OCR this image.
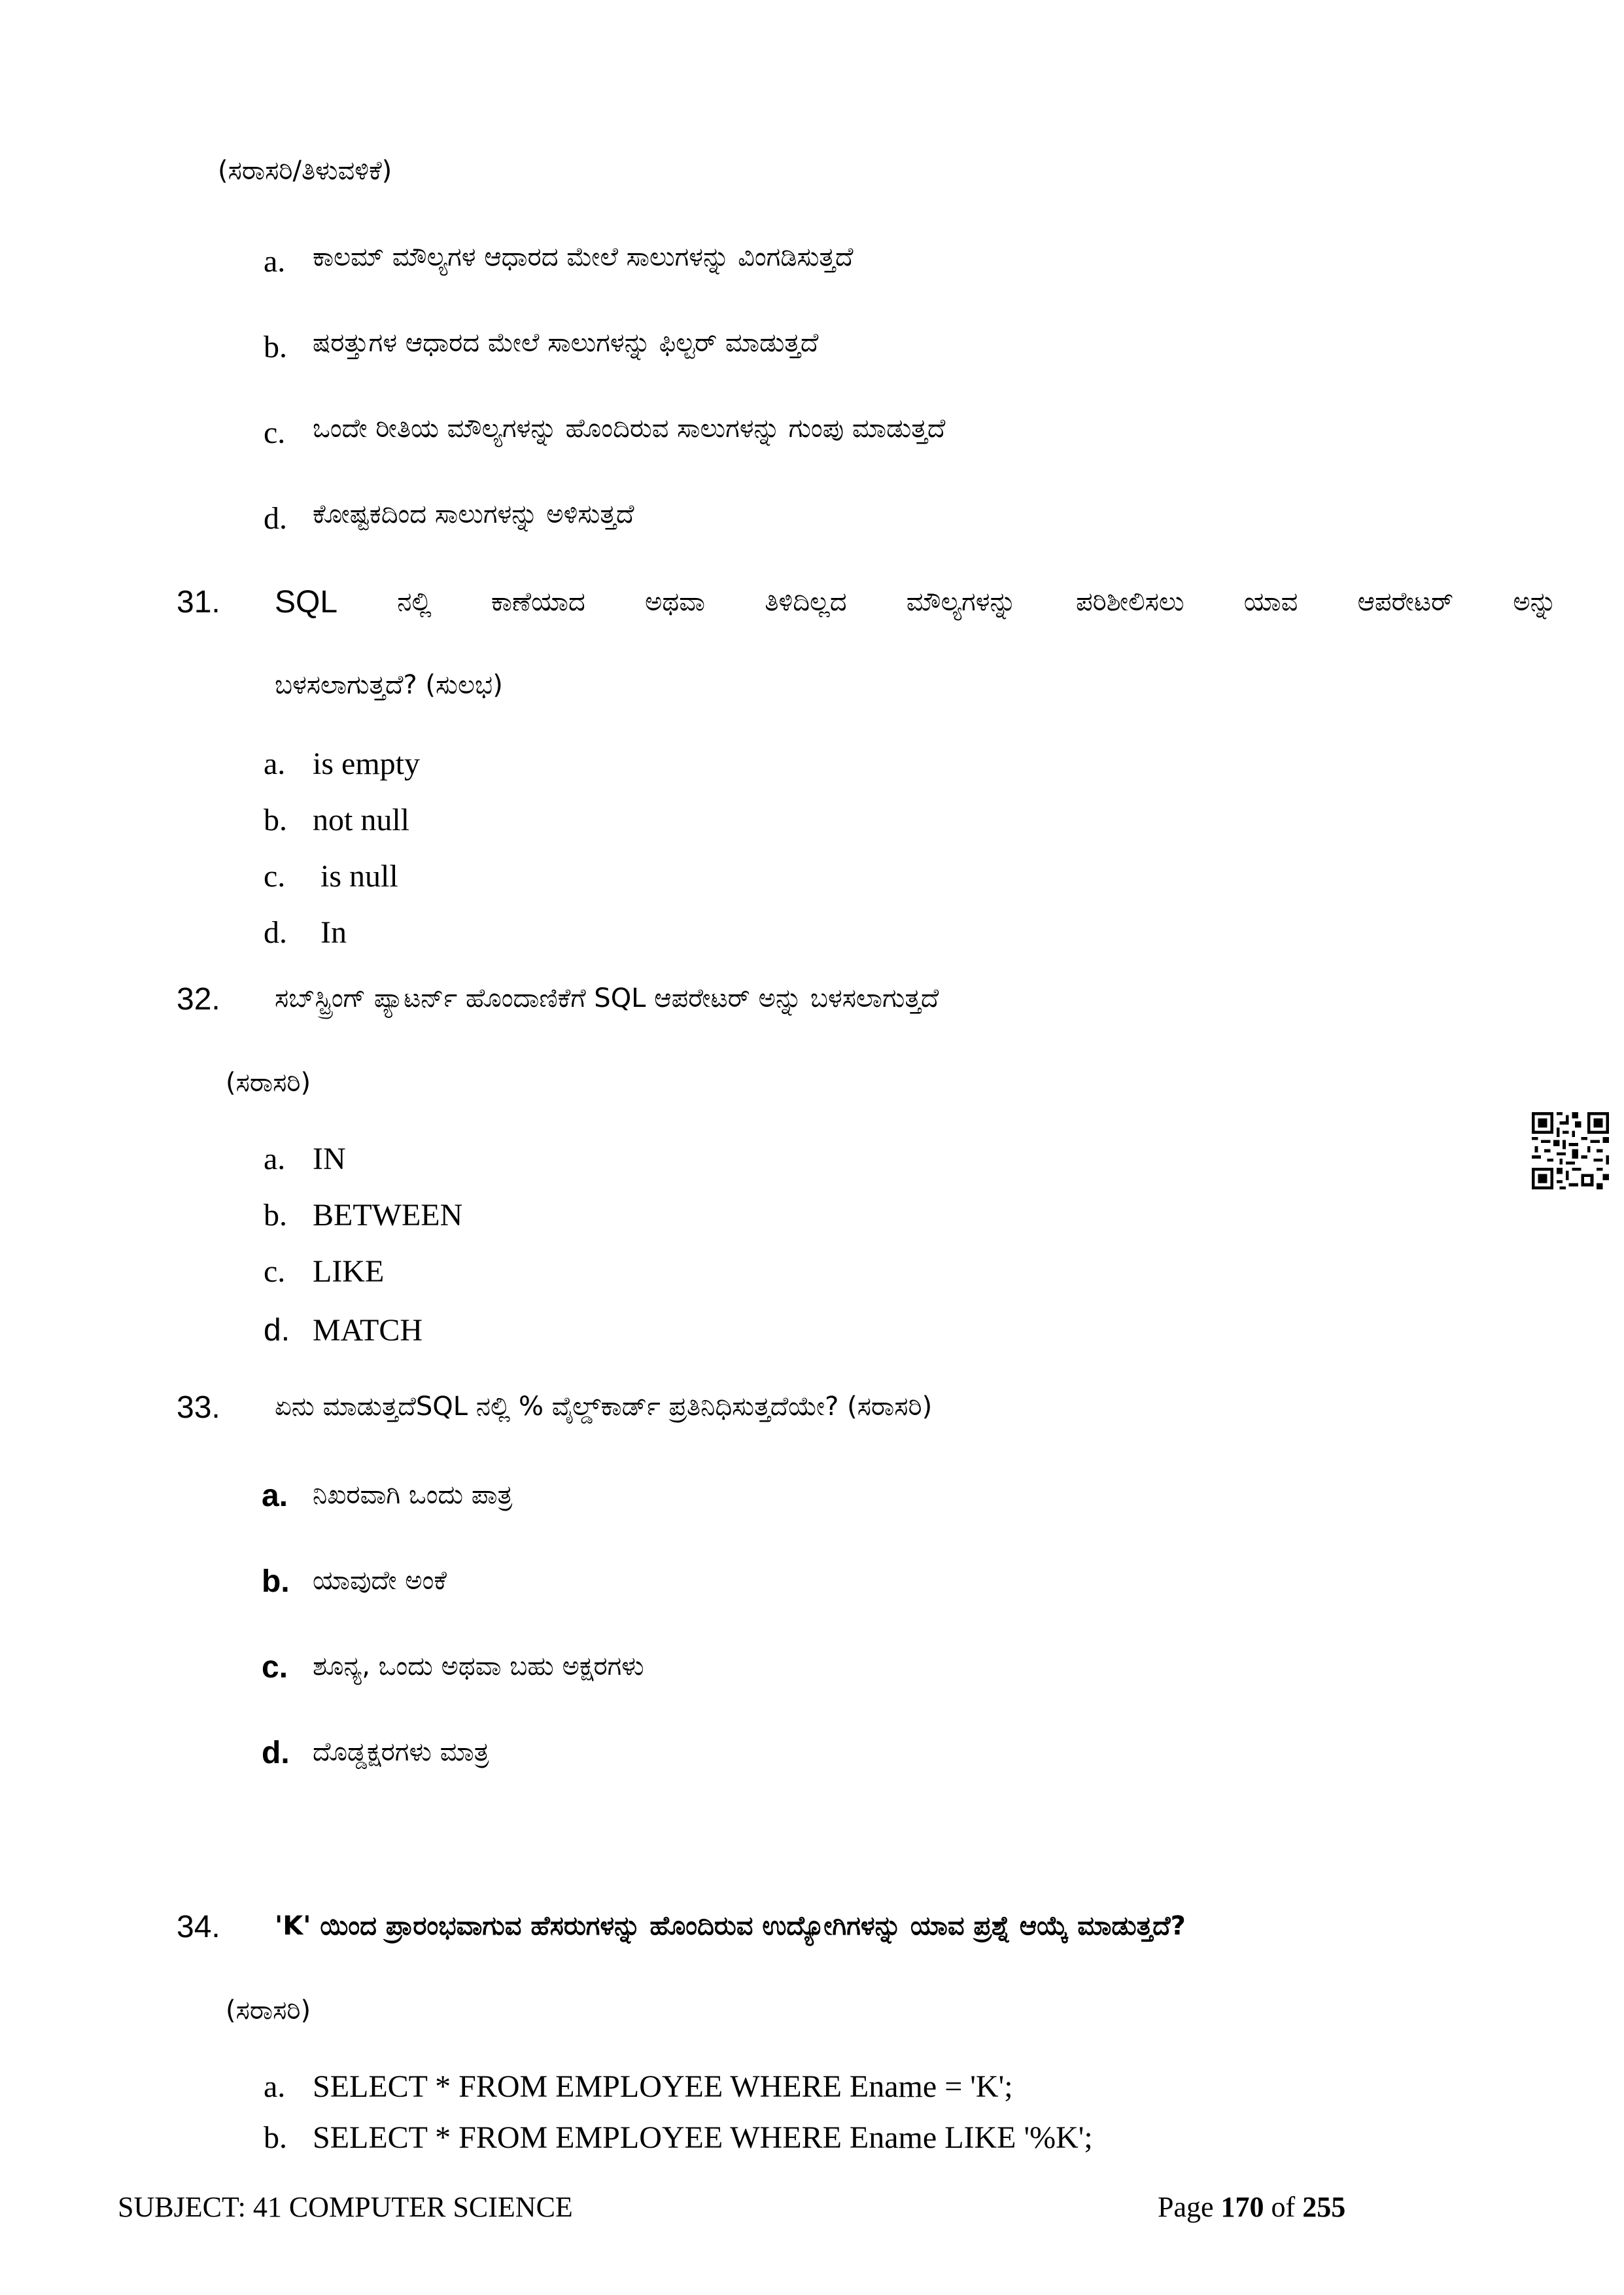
(ಸರಾಸರಿ/ತಿಳುವಳಿಕೆ)
a. ಕಾಲಮ್ ಮೌಲ್ಯಗಳ ಆಧಾರದ ಮೇಲೆ ಸಾಲುಗಳನ್ನು ವಿಂಗಡಿಸುತ್ತದೆ
b. ಷರತ್ತುಗಳ ಆಧಾರದ ಮೇಲೆ ಸಾಲುಗಳನ್ನು ಫಿಲ್ಟರ್ ಮಾಡುತ್ತದೆ
c. ಒಂದೇ ರೀತಿಯ ಮೌಲ್ಯಗಳನ್ನು ಹೊಂದಿರುವ ಸಾಲುಗಳನ್ನು ಗುಂಪು ಮಾಡುತ್ತದೆ
d. ಕೋಷ್ಟಕದಿಂದ ಸಾಲುಗಳನ್ನು ಅಳಿಸುತ್ತದೆ
31. SQL ನಲ್ಲಿ ಕಾಣೆಯಾದ ಅಥವಾ ತಿಳಿದಿಲ್ಲದ ಮೌಲ್ಯಗಳನ್ನು ಪರಿಶೀಲಿಸಲು ಯಾವ ಆಪರೇಟರ್ ಅನ್ನು
ಬಳಸಲಾಗುತ್ತದೆ? (ಸುಲಭ)
a. is empty
b. not null
c. is null
d. In
32. ಸಬ್‌ಸ್ಟ್ರಿಂಗ್ ಪ್ಯಾಟರ್ನ್ ಹೊಂದಾಣಿಕೆಗೆ SQL ಆಪರೇಟರ್ ಅನ್ನು ಬಳಸಲಾಗುತ್ತದೆ
(ಸರಾಸರಿ)
a. IN
b. BETWEEN
c. LIKE
d. MATCH
33. ಏನು ಮಾಡುತ್ತದೆSQL ನಲ್ಲಿ % ವೈಲ್ಡ್‌ಕಾರ್ಡ್ ಪ್ರತಿನಿಧಿಸುತ್ತದೆಯೇ? (ಸರಾಸರಿ)
a. ನಿಖರವಾಗಿ ಒಂದು ಪಾತ್ರ
b. ಯಾವುದೇ ಅಂಕೆ
c. ಶೂನ್ಯ, ಒಂದು ಅಥವಾ ಬಹು ಅಕ್ಷರಗಳು
d. ದೊಡ್ಡಕ್ಷರಗಳು ಮಾತ್ರ
34. 'K' ಯಿಂದ ಪ್ರಾರಂಭವಾಗುವ ಹೆಸರುಗಳನ್ನು ಹೊಂದಿರುವ ಉದ್ಯೋಗಿಗಳನ್ನು ಯಾವ ಪ್ರಶ್ನೆ ಆಯ್ಕೆ ಮಾಡುತ್ತದೆ?
(ಸರಾಸರಿ)
a. SELECT * FROM EMPLOYEE WHERE Ename = 'K';
b. SELECT * FROM EMPLOYEE WHERE Ename LIKE '%K';
SUBJECT: 41 COMPUTER SCIENCE	Page 170 of 255
